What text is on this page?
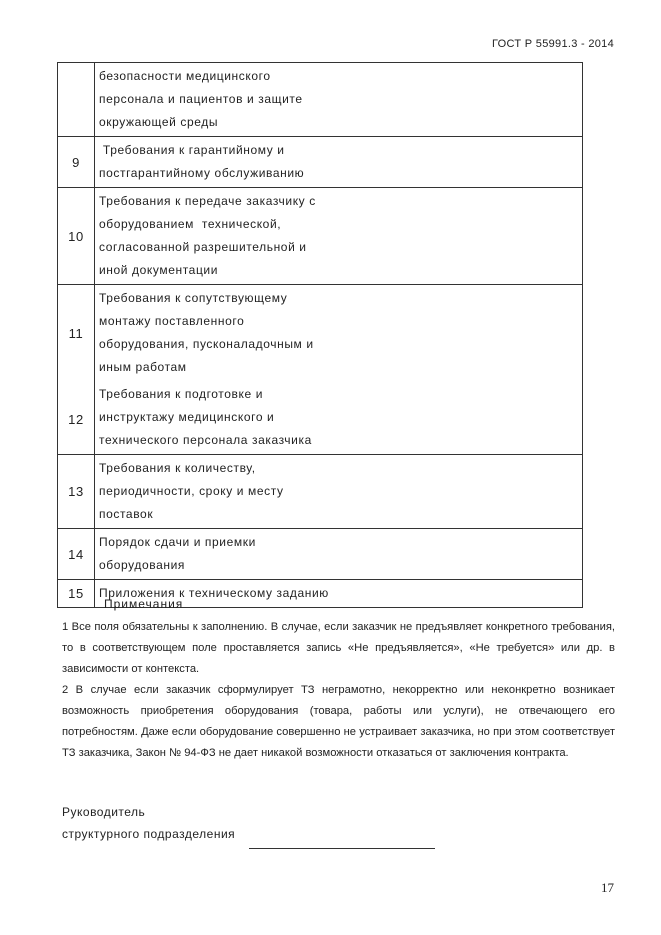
ГОСТ Р 55991.3 - 2014

	безопасности медицинского
персонала и пациентов и защите
окружающей среды

9	Требования к гарантийному и
постгарантийному обслуживанию

10	Требования к передаче заказчику с
оборудованием  технической,
согласованной разрешительной и
иной документации

11	Требования к сопутствующему
монтажу поставленного
оборудования, пусконаладочным и
иным работам

12	Требования к подготовке и
инструктажу медицинского и
технического персонала заказчика

13	Требования к количеству,
периодичности, сроку и месту
поставок

14	Порядок сдачи и приемки
оборудования

15	Приложения к техническому заданию
Примечания

1 Все поля обязательны к заполнению. В случае, если заказчик не предъявляет конкретного требования, то в соответствующем поле проставляется запись «Не предъявляется», «Не требуется» или др. в зависимости от контекста.

2 В случае если заказчик сформулирует ТЗ неграмотно, некорректно или неконкретно возникает возможность приобретения оборудования (товара, работы или услуги), не отвечающего его потребностям. Даже если оборудование совершенно не устраивает заказчика, но при этом соответствует ТЗ заказчика, Закон № 94-ФЗ не дает никакой возможности отказаться от заключения контракта.

Руководитель
структурного подразделения
17
